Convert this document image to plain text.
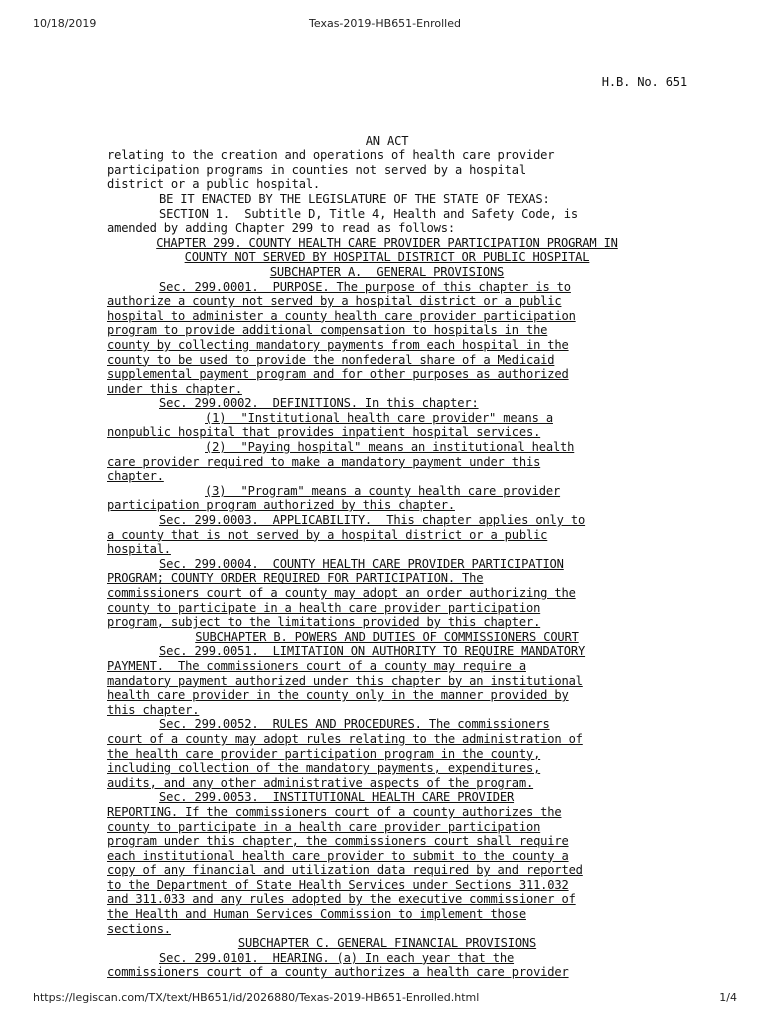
10/18/2019	Texas-2019-HB651-Enrolled
H.B. No. 651
AN ACT
relating to the creation and operations of health care provider
participation programs in counties not served by a hospital
district or a public hospital.
BE IT ENACTED BY THE LEGISLATURE OF THE STATE OF TEXAS:
SECTION 1.  Subtitle D, Title 4, Health and Safety Code, is
amended by adding Chapter 299 to read as follows:
CHAPTER 299. COUNTY HEALTH CARE PROVIDER PARTICIPATION PROGRAM IN
COUNTY NOT SERVED BY HOSPITAL DISTRICT OR PUBLIC HOSPITAL
SUBCHAPTER A.  GENERAL PROVISIONS
Sec. 299.0001.  PURPOSE. The purpose of this chapter is to
authorize a county not served by a hospital district or a public
hospital to administer a county health care provider participation
program to provide additional compensation to hospitals in the
county by collecting mandatory payments from each hospital in the
county to be used to provide the nonfederal share of a Medicaid
supplemental payment program and for other purposes as authorized
under this chapter.
Sec. 299.0002.  DEFINITIONS. In this chapter:
(1)  "Institutional health care provider" means a
nonpublic hospital that provides inpatient hospital services.
(2)  "Paying hospital" means an institutional health
care provider required to make a mandatory payment under this
chapter.
(3)  "Program" means a county health care provider
participation program authorized by this chapter.
Sec. 299.0003.  APPLICABILITY.  This chapter applies only to
a county that is not served by a hospital district or a public
hospital.
Sec. 299.0004.  COUNTY HEALTH CARE PROVIDER PARTICIPATION
PROGRAM; COUNTY ORDER REQUIRED FOR PARTICIPATION. The
commissioners court of a county may adopt an order authorizing the
county to participate in a health care provider participation
program, subject to the limitations provided by this chapter.
SUBCHAPTER B. POWERS AND DUTIES OF COMMISSIONERS COURT
Sec. 299.0051.  LIMITATION ON AUTHORITY TO REQUIRE MANDATORY
PAYMENT.  The commissioners court of a county may require a
mandatory payment authorized under this chapter by an institutional
health care provider in the county only in the manner provided by
this chapter.
Sec. 299.0052.  RULES AND PROCEDURES. The commissioners
court of a county may adopt rules relating to the administration of
the health care provider participation program in the county,
including collection of the mandatory payments, expenditures,
audits, and any other administrative aspects of the program.
Sec. 299.0053.  INSTITUTIONAL HEALTH CARE PROVIDER
REPORTING. If the commissioners court of a county authorizes the
county to participate in a health care provider participation
program under this chapter, the commissioners court shall require
each institutional health care provider to submit to the county a
copy of any financial and utilization data required by and reported
to the Department of State Health Services under Sections 311.032
and 311.033 and any rules adopted by the executive commissioner of
the Health and Human Services Commission to implement those
sections.
SUBCHAPTER C. GENERAL FINANCIAL PROVISIONS
Sec. 299.0101.  HEARING. (a) In each year that the
commissioners court of a county authorizes a health care provider
https://legiscan.com/TX/text/HB651/id/2026880/Texas-2019-HB651-Enrolled.html	1/4
